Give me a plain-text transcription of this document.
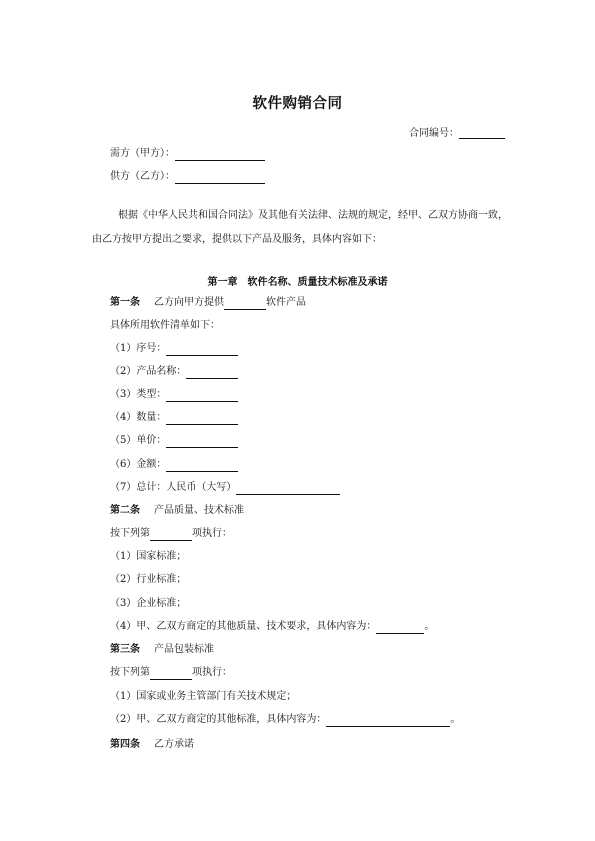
软件购销合同
合同编号：
需方（甲方）：
供方（乙方）：
根据《中华人民共和国合同法》及其他有关法律、法规的规定，经甲、乙双方协商一致，
由乙方按甲方提出之要求，提供以下产品及服务，具体内容如下：
第一章　软件名称、质量技术标准及承诺
第一条 乙方向甲方提供	软件产品
具体所用软件清单如下：
（1）序号：
（2）产品名称：
（3）类型：
（4）数量：
（5）单价：
（6）金额：
（7）总计：人民币（大写）
第二条 产品质量、技术标准
按下列第	项执行：
（1）国家标准；
（2）行业标准；
（3）企业标准；
（4）甲、乙双方商定的其他质量、技术要求，具体内容为：	。
第三条 产品包装标准
按下列第	项执行：
（1）国家或业务主管部门有关技术规定；
（2）甲、乙双方商定的其他标准，具体内容为：	。
第四条 乙方承诺
